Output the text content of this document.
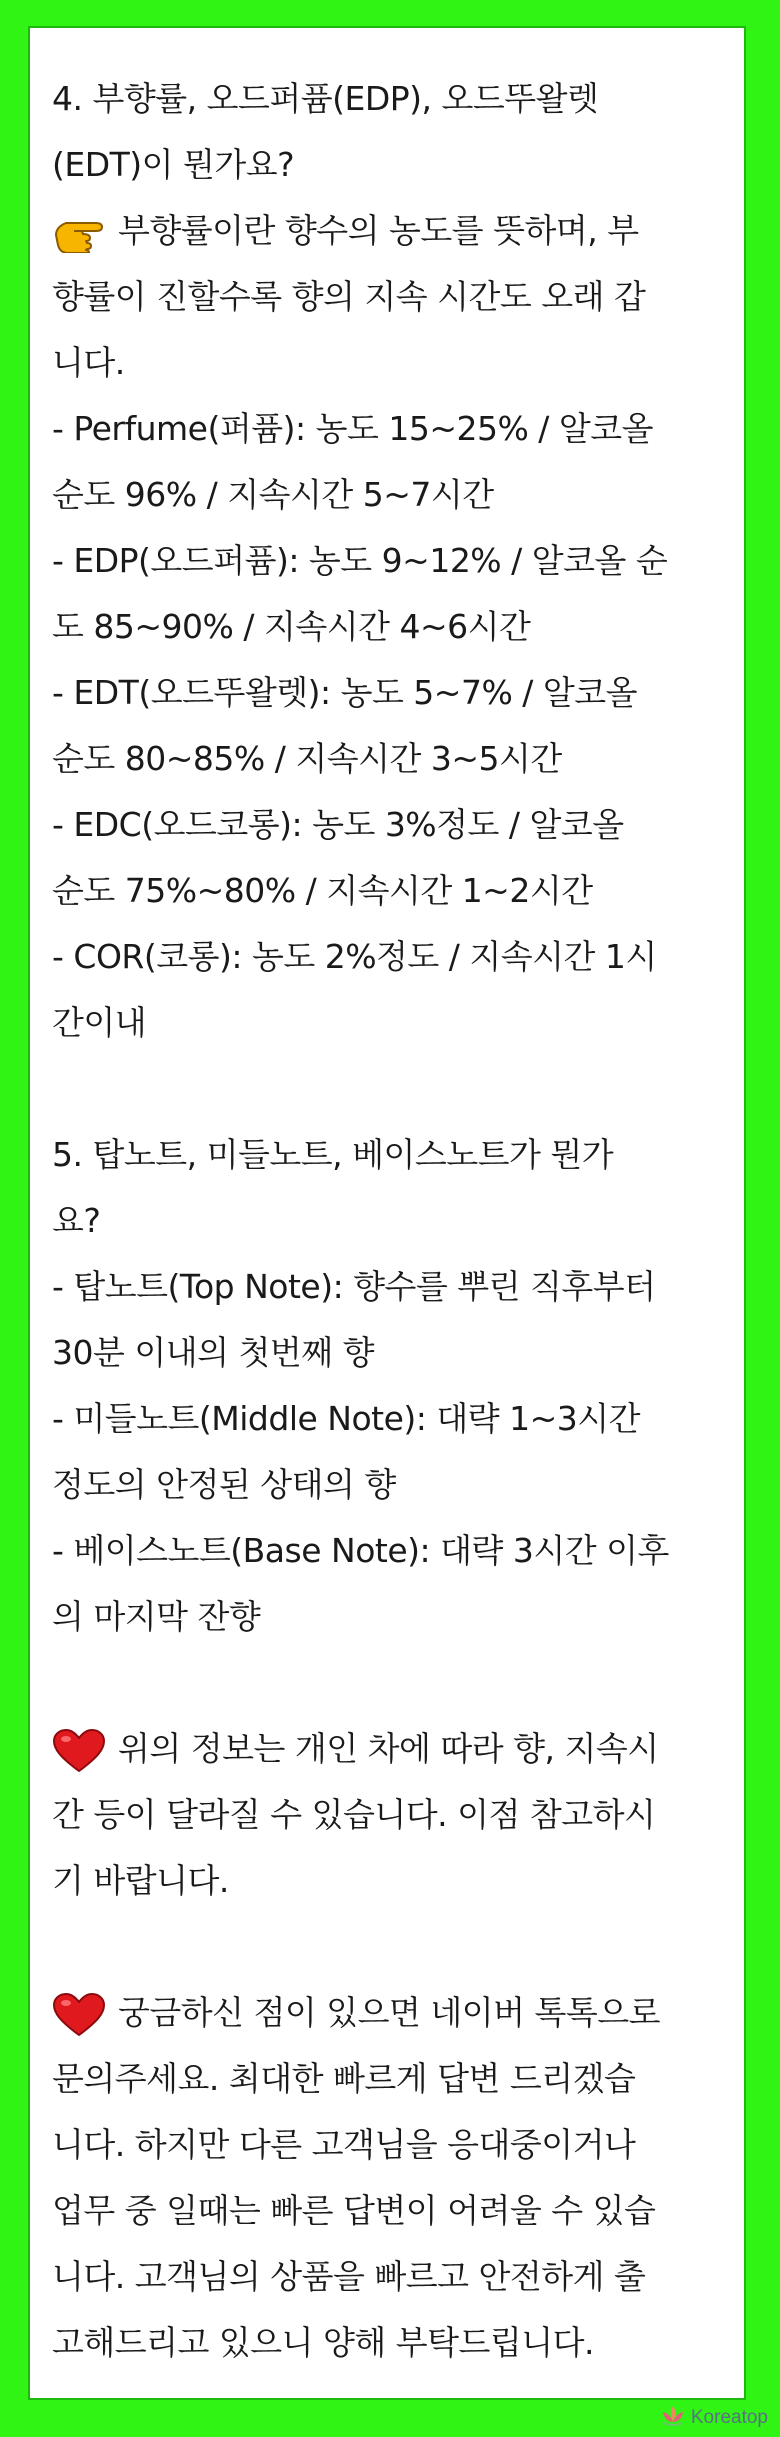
4. 부향률, 오드퍼퓸(EDP), 오드뚜왈렛
(EDT)이 뭔가요?
부향률이란 향수의 농도를 뜻하며, 부
향률이 진할수록 향의 지속 시간도 오래 갑
니다.
- Perfume(퍼퓸): 농도 15~25% / 알코올
순도 96% / 지속시간 5~7시간
- EDP(오드퍼퓸): 농도 9~12% / 알코올 순
도 85~90% / 지속시간 4~6시간
- EDT(오드뚜왈렛): 농도 5~7% / 알코올
순도 80~85% / 지속시간 3~5시간
- EDC(오드코롱): 농도 3%정도 / 알코올
순도 75%~80% / 지속시간 1~2시간
- COR(코롱): 농도 2%정도 / 지속시간 1시
간이내
5. 탑노트, 미들노트, 베이스노트가 뭔가
요?
- 탑노트(Top Note): 향수를 뿌린 직후부터
30분 이내의 첫번째 향
- 미들노트(Middle Note): 대략 1~3시간
정도의 안정된 상태의 향
- 베이스노트(Base Note): 대략 3시간 이후
의 마지막 잔향
위의 정보는 개인 차에 따라 향, 지속시
간 등이 달라질 수 있습니다. 이점 참고하시
기 바랍니다.
궁금하신 점이 있으면 네이버 톡톡으로
문의주세요. 최대한 빠르게 답변 드리겠습
니다. 하지만 다른 고객님을 응대중이거나
업무 중 일때는 빠른 답변이 어려울 수 있습
니다. 고객님의 상품을 빠르고 안전하게 출
고해드리고 있으니 양해 부탁드립니다.
Koreatop
